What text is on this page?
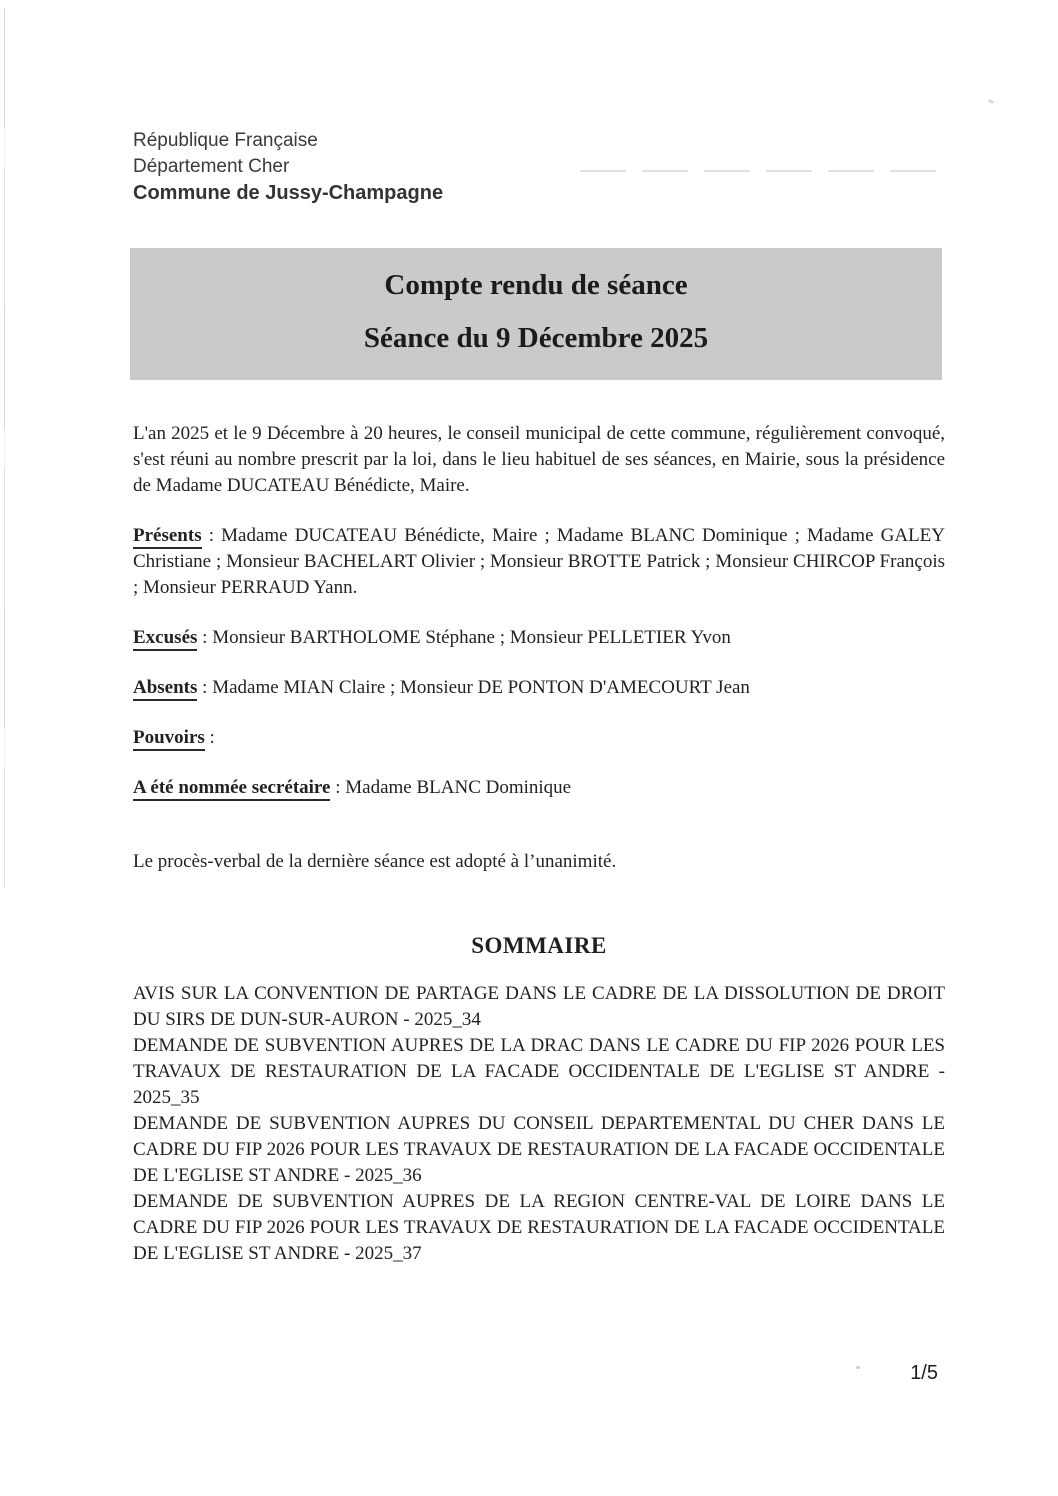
République Française
Département Cher
Commune de Jussy-Champagne
Compte rendu de séance
Séance du 9 Décembre 2025

L'an 2025 et le 9 Décembre à 20 heures, le conseil municipal de cette commune, régulièrement convoqué, s'est réuni au nombre prescrit par la loi, dans le lieu habituel de ses séances, en Mairie, sous la présidence de Madame DUCATEAU Bénédicte, Maire.

Présents : Madame DUCATEAU Bénédicte, Maire ; Madame BLANC Dominique ; Madame GALEY Christiane ; Monsieur BACHELART Olivier ; Monsieur BROTTE Patrick ; Monsieur CHIRCOP François ; Monsieur PERRAUD Yann.

Excusés : Monsieur BARTHOLOME Stéphane ; Monsieur PELLETIER Yvon

Absents : Madame MIAN Claire ; Monsieur DE PONTON D'AMECOURT Jean

Pouvoirs :

A été nommée secrétaire : Madame BLANC Dominique

Le procès-verbal de la dernière séance est adopté à l’unanimité.

SOMMAIRE

AVIS SUR LA CONVENTION DE PARTAGE DANS LE CADRE DE LA DISSOLUTION DE DROIT DU SIRS DE DUN-SUR-AURON - 2025_34

DEMANDE DE SUBVENTION AUPRES DE LA DRAC DANS LE CADRE DU FIP 2026 POUR LES TRAVAUX DE RESTAURATION DE LA FACADE OCCIDENTALE DE L'EGLISE ST ANDRE - 2025_35

DEMANDE DE SUBVENTION AUPRES DU CONSEIL DEPARTEMENTAL DU CHER DANS LE CADRE DU FIP 2026 POUR LES TRAVAUX DE RESTAURATION DE LA FACADE OCCIDENTALE DE L'EGLISE ST ANDRE - 2025_36

DEMANDE DE SUBVENTION AUPRES DE LA REGION CENTRE-VAL DE LOIRE DANS LE CADRE DU FIP 2026 POUR LES TRAVAUX DE RESTAURATION DE LA FACADE OCCIDENTALE DE L'EGLISE ST ANDRE - 2025_37

1/5
